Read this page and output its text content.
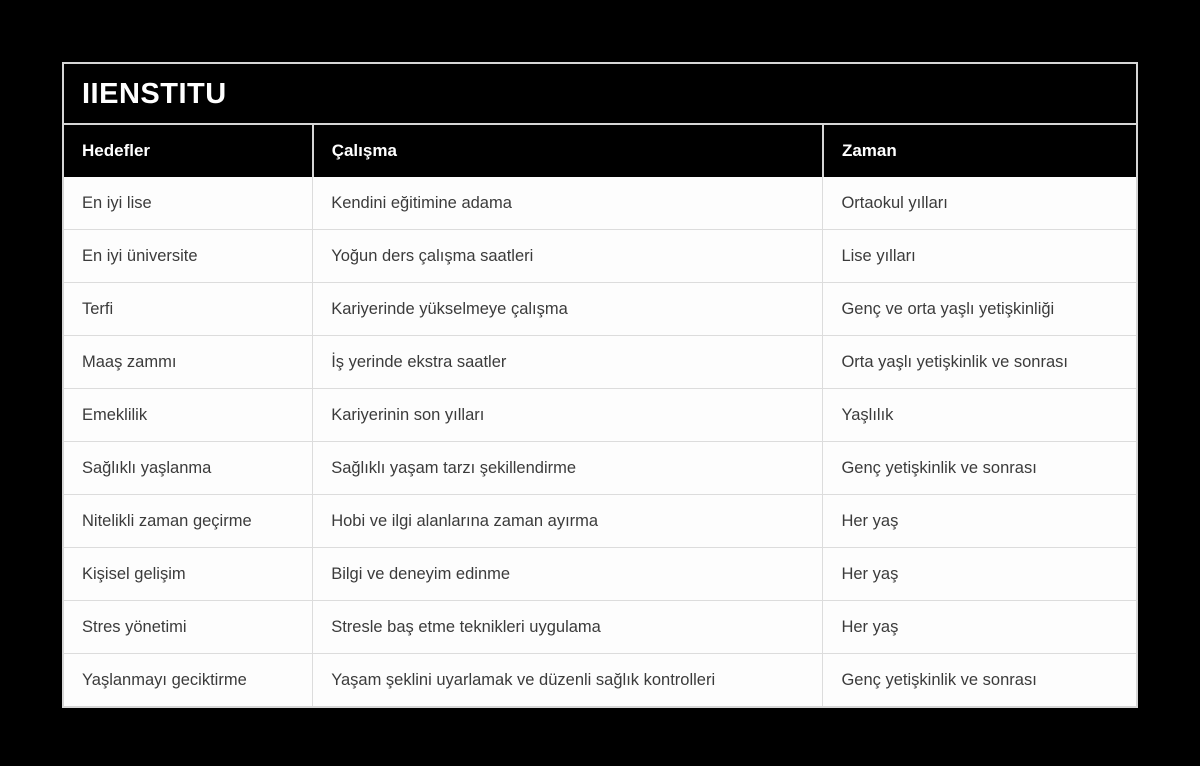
IIENSTITU
Hedefler	Çalışma	Zaman
En iyi lise	Kendini eğitimine adama	Ortaokul yılları
En iyi üniversite	Yoğun ders çalışma saatleri	Lise yılları
Terfi	Kariyerinde yükselmeye çalışma	Genç ve orta yaşlı yetişkinliği
Maaş zammı	İş yerinde ekstra saatler	Orta yaşlı yetişkinlik ve sonrası
Emeklilik	Kariyerinin son yılları	Yaşlılık
Sağlıklı yaşlanma	Sağlıklı yaşam tarzı şekillendirme	Genç yetişkinlik ve sonrası
Nitelikli zaman geçirme	Hobi ve ilgi alanlarına zaman ayırma	Her yaş
Kişisel gelişim	Bilgi ve deneyim edinme	Her yaş
Stres yönetimi	Stresle baş etme teknikleri uygulama	Her yaş
Yaşlanmayı geciktirme	Yaşam şeklini uyarlamak ve düzenli sağlık kontrolleri	Genç yetişkinlik ve sonrası
